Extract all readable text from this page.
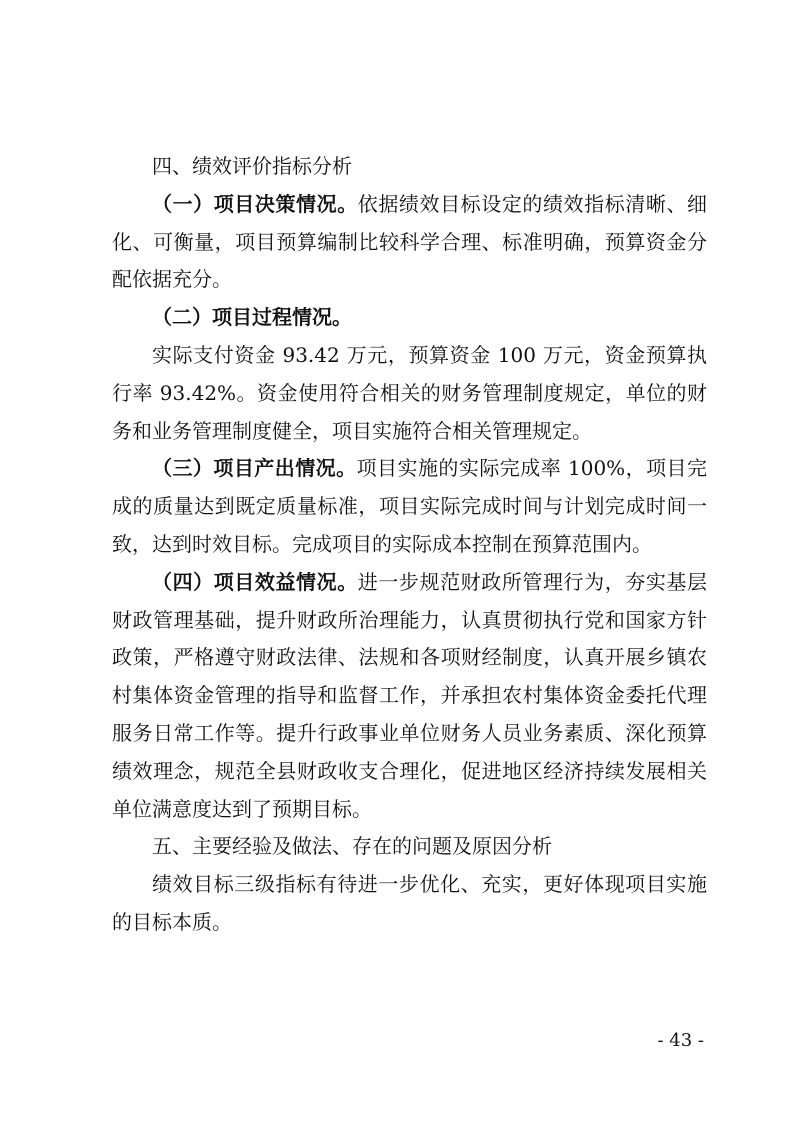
四、绩效评价指标分析

（一）项目决策情况。依据绩效目标设定的绩效指标清晰、细化、可衡量，项目预算编制比较科学合理、标准明确，预算资金分配依据充分。

（二）项目过程情况。

实际支付资金 93.42 万元，预算资金 100 万元，资金预算执行率 93.42%。资金使用符合相关的财务管理制度规定，单位的财务和业务管理制度健全，项目实施符合相关管理规定。

（三）项目产出情况。项目实施的实际完成率 100%，项目完成的质量达到既定质量标准，项目实际完成时间与计划完成时间一致，达到时效目标。完成项目的实际成本控制在预算范围内。

（四）项目效益情况。进一步规范财政所管理行为，夯实基层财政管理基础，提升财政所治理能力，认真贯彻执行党和国家方针政策，严格遵守财政法律、法规和各项财经制度，认真开展乡镇农村集体资金管理的指导和监督工作，并承担农村集体资金委托代理服务日常工作等。提升行政事业单位财务人员业务素质、深化预算绩效理念，规范全县财政收支合理化，促进地区经济持续发展相关单位满意度达到了预期目标。

五、主要经验及做法、存在的问题及原因分析

绩效目标三级指标有待进一步优化、充实，更好体现项目实施的目标本质。

- 43 -
